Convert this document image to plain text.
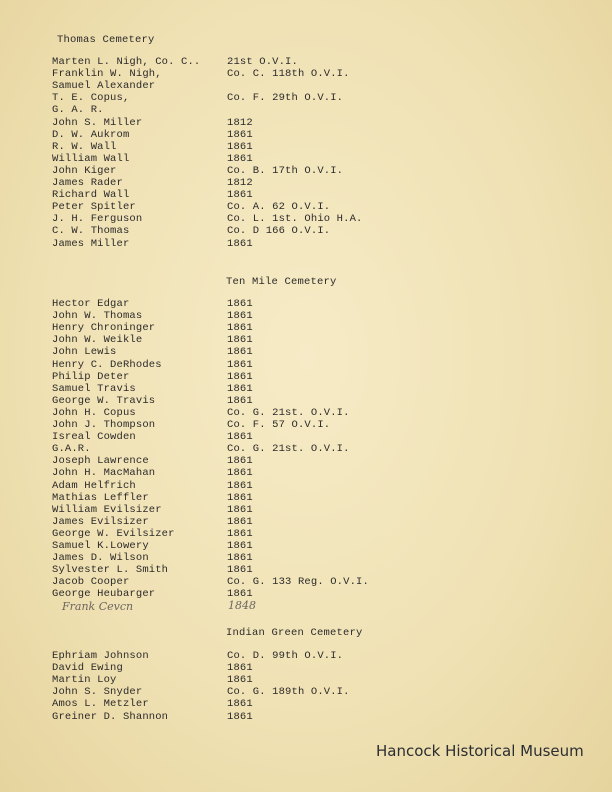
Thomas Cemetery
Marten L. Nigh, Co. C..	21st O.V.I.
Franklin W. Nigh,	Co. C. 118th O.V.I.
Samuel Alexander
T. E. Copus,	Co. F. 29th O.V.I.
G. A. R.
John S. Miller	1812
D. W. Aukrom	1861
R. W. Wall	1861
William Wall	1861
John Kiger	Co. B. 17th O.V.I.
James Rader	1812
Richard Wall	1861
Peter Spitler	Co. A. 62 O.V.I.
J. H. Ferguson	Co. L. 1st. Ohio H.A.
C. W. Thomas	Co. D 166 O.V.I.
James Miller	1861
Ten Mile Cemetery
Hector Edgar	1861
John W. Thomas	1861
Henry Chroninger	1861
John W. Weikle	1861
John Lewis	1861
Henry C. DeRhodes	1861
Philip Deter	1861
Samuel Travis	1861
George W. Travis	1861
John H. Copus	Co. G. 21st. O.V.I.
John J. Thompson	Co. F. 57 O.V.I.
Isreal Cowden	1861
G.A.R.	Co. G. 21st. O.V.I.
Joseph Lawrence	1861
John H. MacMahan	1861
Adam Helfrich	1861
Mathias Leffler	1861
William Evilsizer	1861
James Evilsizer	1861
George W. Evilsizer	1861
Samuel K.Lowery	1861
James D. Wilson	1861
Sylvester L. Smith	1861
Jacob Cooper	Co. G. 133 Reg. O.V.I.
George Heubarger	1861
Frank Cevcn	1848
Indian Green Cemetery
Ephriam Johnson	Co. D. 99th O.V.I.
David Ewing	1861
Martin Loy	1861
John S. Snyder	Co. G. 189th O.V.I.
Amos L. Metzler	1861
Greiner D. Shannon	1861
Hancock Historical Museum
